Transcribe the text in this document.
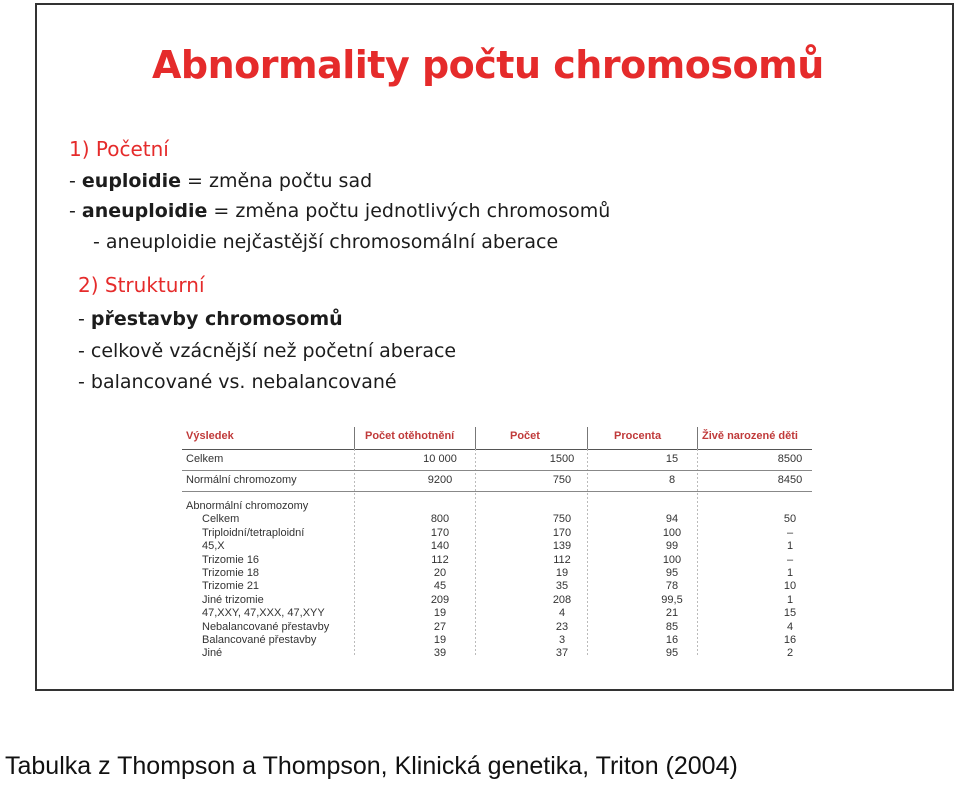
Abnormality počtu chromosomů
1) Početní
- euploidie = změna počtu sad
- aneuploidie = změna počtu jednotlivých chromosomů
- aneuploidie nejčastější chromosomální aberace
2) Strukturní
- přestavby chromosomů
- celkově vzácnější než početní aberace
- balancované vs. nebalancované
Výsledek	Počet otěhotnění	Počet	Procenta	Živě narozené děti
Celkem	10 000	1500	15	8500
Normální chromozomy	9200	750	8	8450
Abnormální chromozomy
Celkem	800	750	94	50
Triploidní/tetraploidní	170	170	100	–
45,X	140	139	99	1
Trizomie 16	112	112	100	–
Trizomie 18	20	19	95	1
Trizomie 21	45	35	78	10
Jiné trizomie	209	208	99,5	1
47,XXY, 47,XXX, 47,XYY	19	4	21	15
Nebalancované přestavby	27	23	85	4
Balancované přestavby	19	3	16	16
Jiné	39	37	95	2
Tabulka z Thompson a Thompson, Klinická genetika, Triton (2004)
